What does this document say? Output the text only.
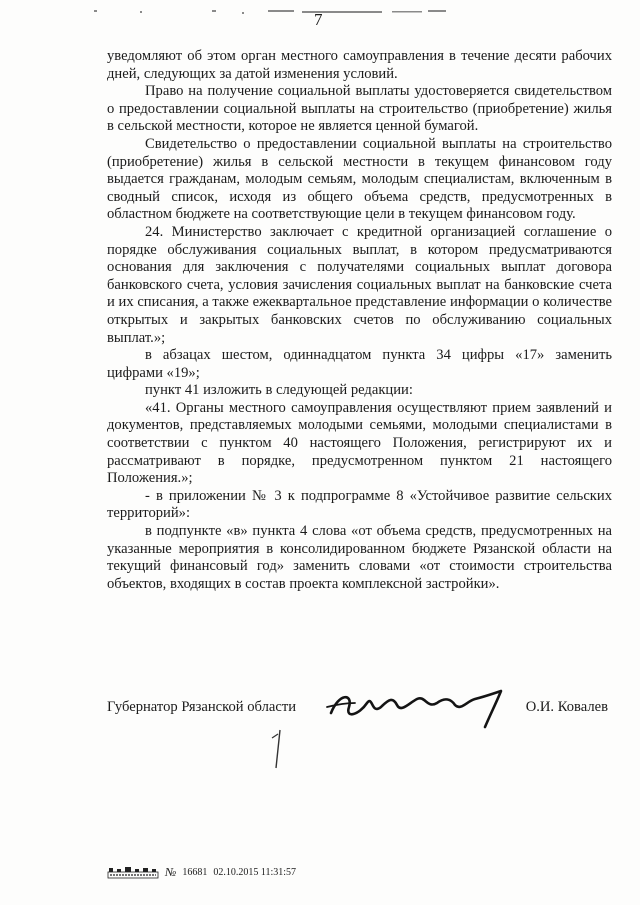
7

уведомляют об этом орган местного самоуправления в течение десяти рабочих дней, следующих за датой изменения условий.

Право на получение социальной выплаты удостоверяется свидетельством о предоставлении социальной выплаты на строительство (приобретение) жилья в сельской местности, которое не является ценной бумагой.

Свидетельство о предоставлении социальной выплаты на строительство (приобретение) жилья в сельской местности в текущем финансовом году выдается гражданам, молодым семьям, молодым специалистам, включенным в сводный список, исходя из общего объема средств, предусмотренных в областном бюджете на соответствующие цели в текущем финансовом году.

24. Министерство заключает с кредитной организацией соглашение о порядке обслуживания социальных выплат, в котором предусматриваются основания для заключения с получателями социальных выплат договора банковского счета, условия зачисления социальных выплат на банковские счета и их списания, а также ежеквартальное представление информации о количестве открытых и закрытых банковских счетов по обслуживанию социальных выплат.»;

в абзацах шестом, одиннадцатом пункта 34 цифры «17» заменить цифрами «19»;

пункт 41 изложить в следующей редакции:

«41. Органы местного самоуправления осуществляют прием заявлений и документов, представляемых молодыми семьями, молодыми специалистами в соответствии с пунктом 40 настоящего Положения, регистрируют их и рассматривают в порядке, предусмотренном пунктом 21 настоящего Положения.»;

- в приложении № 3 к подпрограмме 8 «Устойчивое развитие сельских территорий»:

в подпункте «в» пункта 4 слова «от объема средств, предусмотренных на указанные мероприятия в консолидированном бюджете Рязанской области на текущий финансовый год» заменить словами «от стоимости строительства объектов, входящих в состав проекта комплексной застройки».

Губернатор Рязанской области	О.И. Ковалев
№ 16681 02.10.2015 11:31:57
